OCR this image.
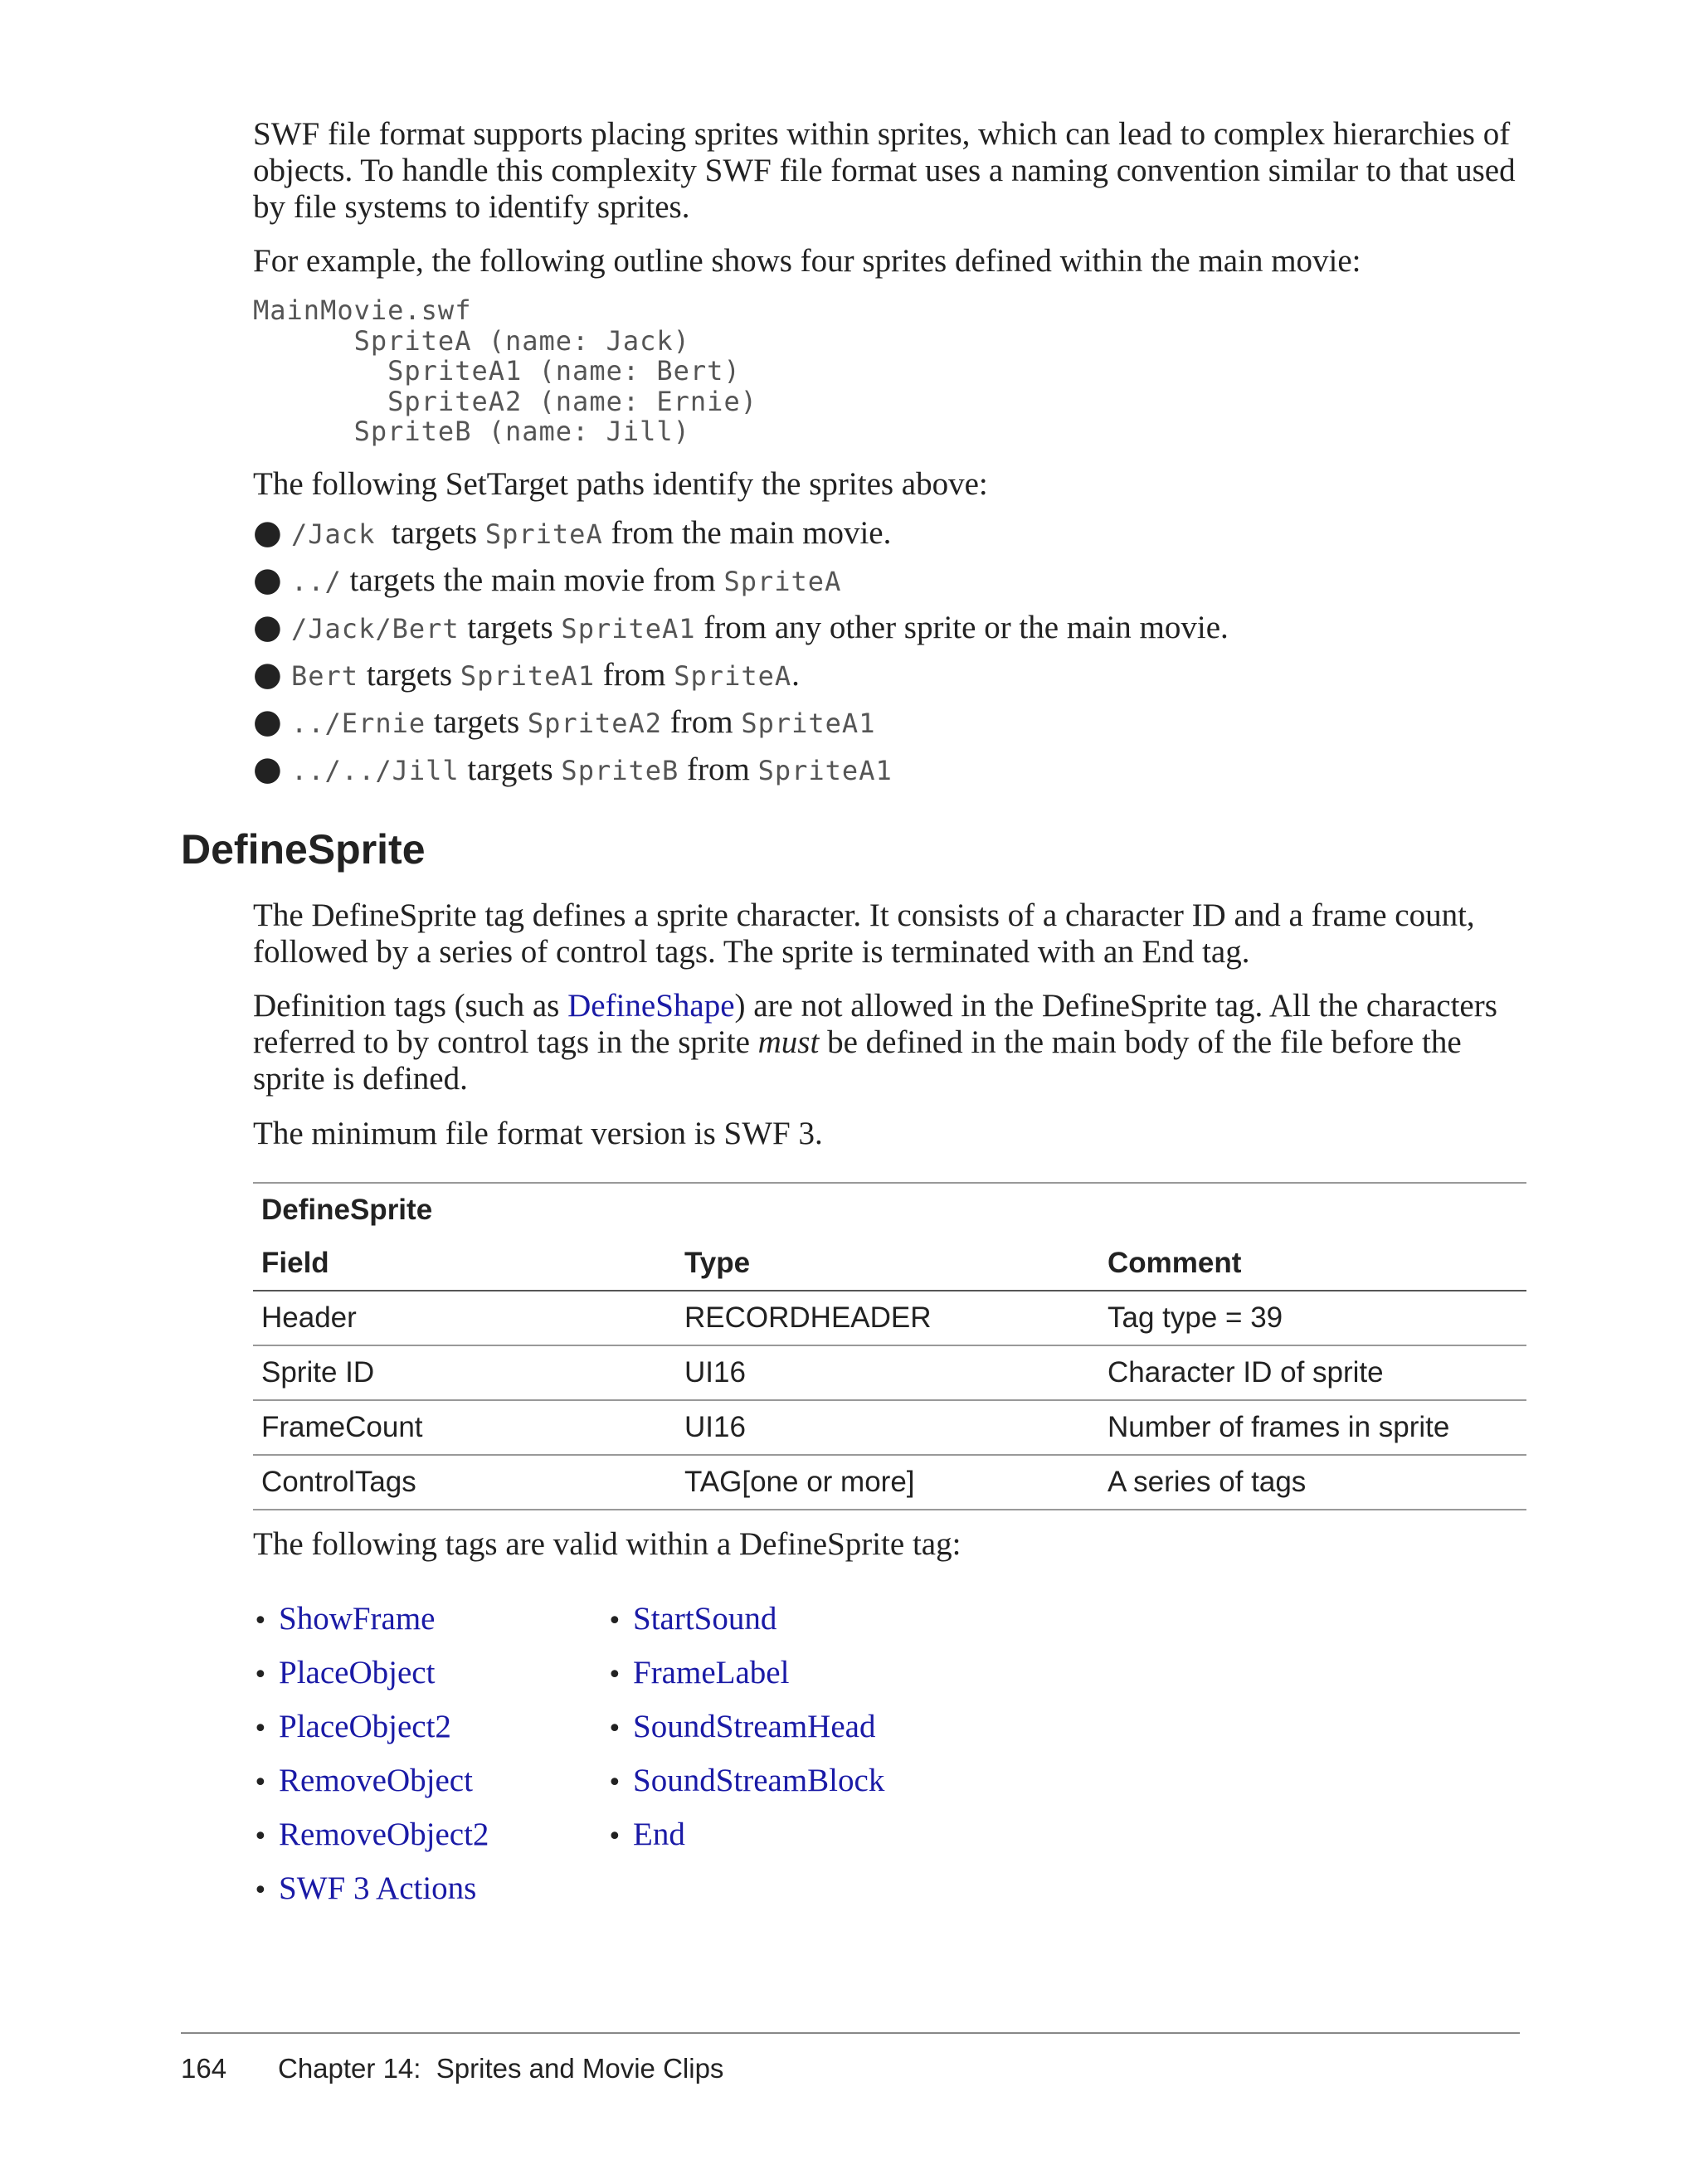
SWF file format supports placing sprites within sprites, which can lead to complex hierarchies of objects. To handle this complexity SWF file format uses a naming convention similar to that used by file systems to identify sprites.

For example, the following outline shows four sprites defined within the main movie:

MainMovie.swf
SpriteA (name: Jack)
SpriteA1 (name: Bert)
SpriteA2 (name: Ernie)
SpriteB (name: Jill)

The following SetTarget paths identify the sprites above:

● /Jack targets SpriteA from the main movie.
● ../ targets the main movie from SpriteA
● /Jack/Bert targets SpriteA1 from any other sprite or the main movie.
● Bert targets SpriteA1 from SpriteA .
● ../Ernie targets SpriteA2 from SpriteA1
● ../../Jill targets SpriteB from SpriteA1
DefineSprite

The DefineSprite tag defines a sprite character. It consists of a character ID and a frame count, followed by a series of control tags. The sprite is terminated with an End tag.

Definition tags (such as DefineShape) are not allowed in the DefineSprite tag. All the characters referred to by control tags in the sprite must be defined in the main body of the file before the sprite is defined.

The minimum file format version is SWF 3.

DefineSprite
Field	Type	Comment
Header	RECORDHEADER	Tag type = 39
Sprite ID	UI16	Character ID of sprite
FrameCount	UI16	Number of frames in sprite
ControlTags	TAG[one or more]	A series of tags

The following tags are valid within a DefineSprite tag:

• ShowFrame
• PlaceObject
• PlaceObject2
• RemoveObject
• RemoveObject2
• SWF 3 Actions
• StartSound
• FrameLabel
• SoundStreamHead
• SoundStreamBlock
• End
164 Chapter 14:  Sprites and Movie Clips
